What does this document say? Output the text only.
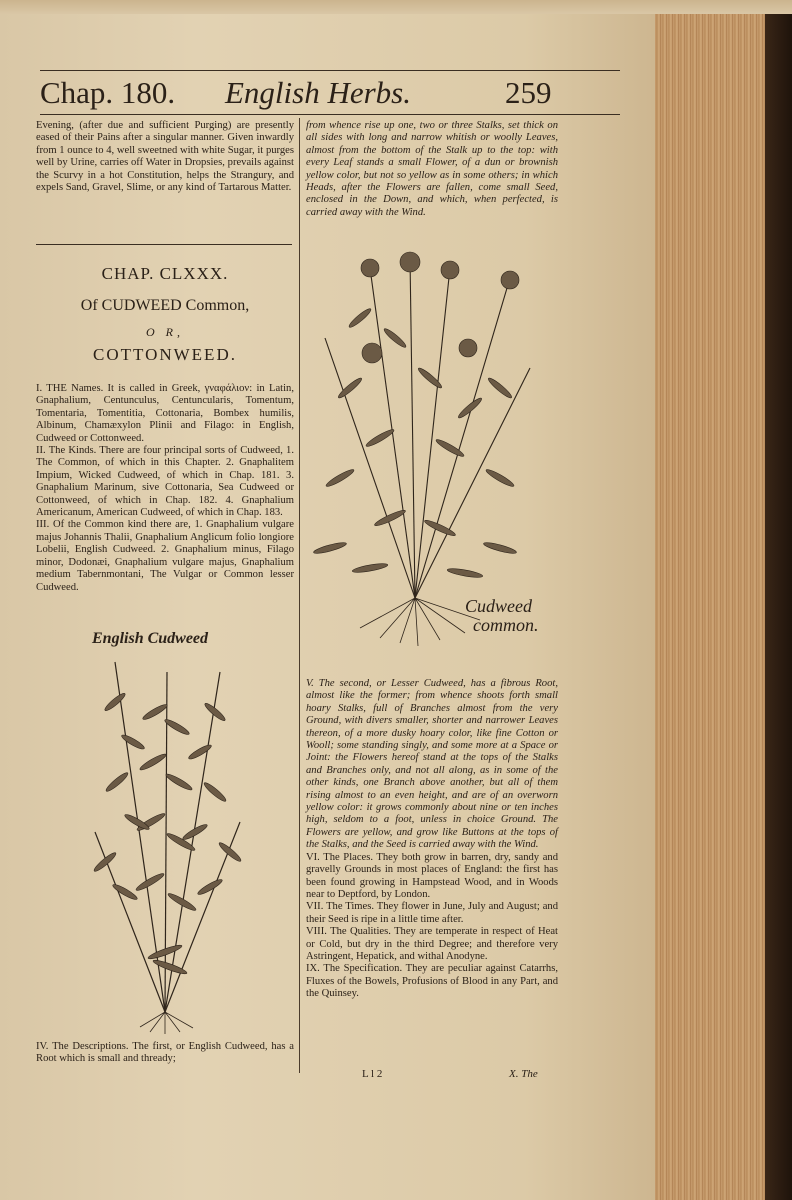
Chap. 180. English Herbs.	259

Evening, (after due and sufficient Purging) are presently eased of their Pains after a singular manner. Given inwardly from 1 ounce to 4, well sweetned with white Sugar, it purges well by Urine, carries off Water in Dropsies, prevails against the Scurvy in a hot Constitution, helps the Strangury, and expels Sand, Gravel, Slime, or any kind of Tartarous Matter.

CHAP. CLXXX.
Of CUDWEED Common,
O R,
COTTONWEED.

I. THE Names. It is called in Greek, γναφάλιον: in Latin, Gnaphalium, Centunculus, Centuncularis, Tomentum, Tomentaria, Tomentitia, Cottonaria, Bombex humilis, Albinum, Chamæxylon Plinii and Filago: in English, Cudweed or Cottonweed.

II. The Kinds. There are four principal sorts of Cudweed, 1. The Common, of which in this Chapter. 2. Gnaphalitem Impium, Wicked Cudweed, of which in Chap. 181. 3. Gnaphalium Marinum, sive Cottonaria, Sea Cudweed or Cottonweed, of which in Chap. 182. 4. Gnaphalium Americanum, American Cudweed, of which in Chap. 183.

III. Of the Common kind there are, 1. Gnaphalium vulgare majus Johannis Thalii, Gnaphalium Anglicum folio longiore Lobelii, English Cudweed. 2. Gnaphalium minus, Filago minor, Dodonæi, Gnaphalium vulgare majus, Gnaphalium medium Tabernmontani, The Vulgar or Common lesser Cudweed.

English Cudweed

IV. The Descriptions. The first, or English Cudweed, has a Root which is small and thready;

from whence rise up one, two or three Stalks, set thick on all sides with long and narrow whitish or woolly Leaves, almost from the bottom of the Stalk up to the top: with every Leaf stands a small Flower, of a dun or brownish yellow color, but not so yellow as in some others; in which Heads, after the Flowers are fallen, come small Seed, enclosed in the Down, and which, when perfected, is carried away with the Wind.

Cudweed
common.

V. The second, or Lesser Cudweed, has a fibrous Root, almost like the former; from whence shoots forth small hoary Stalks, full of Branches almost from the very Ground, with divers smaller, shorter and narrower Leaves thereon, of a more dusky hoary color, like fine Cotton or Wooll; some standing singly, and some more at a Space or Joint: the Flowers hereof stand at the tops of the Stalks and Branches only, and not all along, as in some of the other kinds, one Branch above another, but all of them rising almost to an even height, and are of an overworn yellow color: it grows commonly about nine or ten inches high, seldom to a foot, unless in choice Ground. The Flowers are yellow, and grow like Buttons at the tops of the Stalks, and the Seed is carried away with the Wind.

VI. The Places. They both grow in barren, dry, sandy and gravelly Grounds in most places of England: the first has been found growing in Hampstead Wood, and in Woods near to Deptford, by London.

VII. The Times. They flower in June, July and August; and their Seed is ripe in a little time after.

VIII. The Qualities. They are temperate in respect of Heat or Cold, but dry in the third Degree; and therefore very Astringent, Hepatick, and withal Anodyne.

IX. The Specification. They are peculiar against Catarrhs, Fluxes of the Bowels, Profusions of Blood in any Part, and the Quinsey.

L l 2	X. The
